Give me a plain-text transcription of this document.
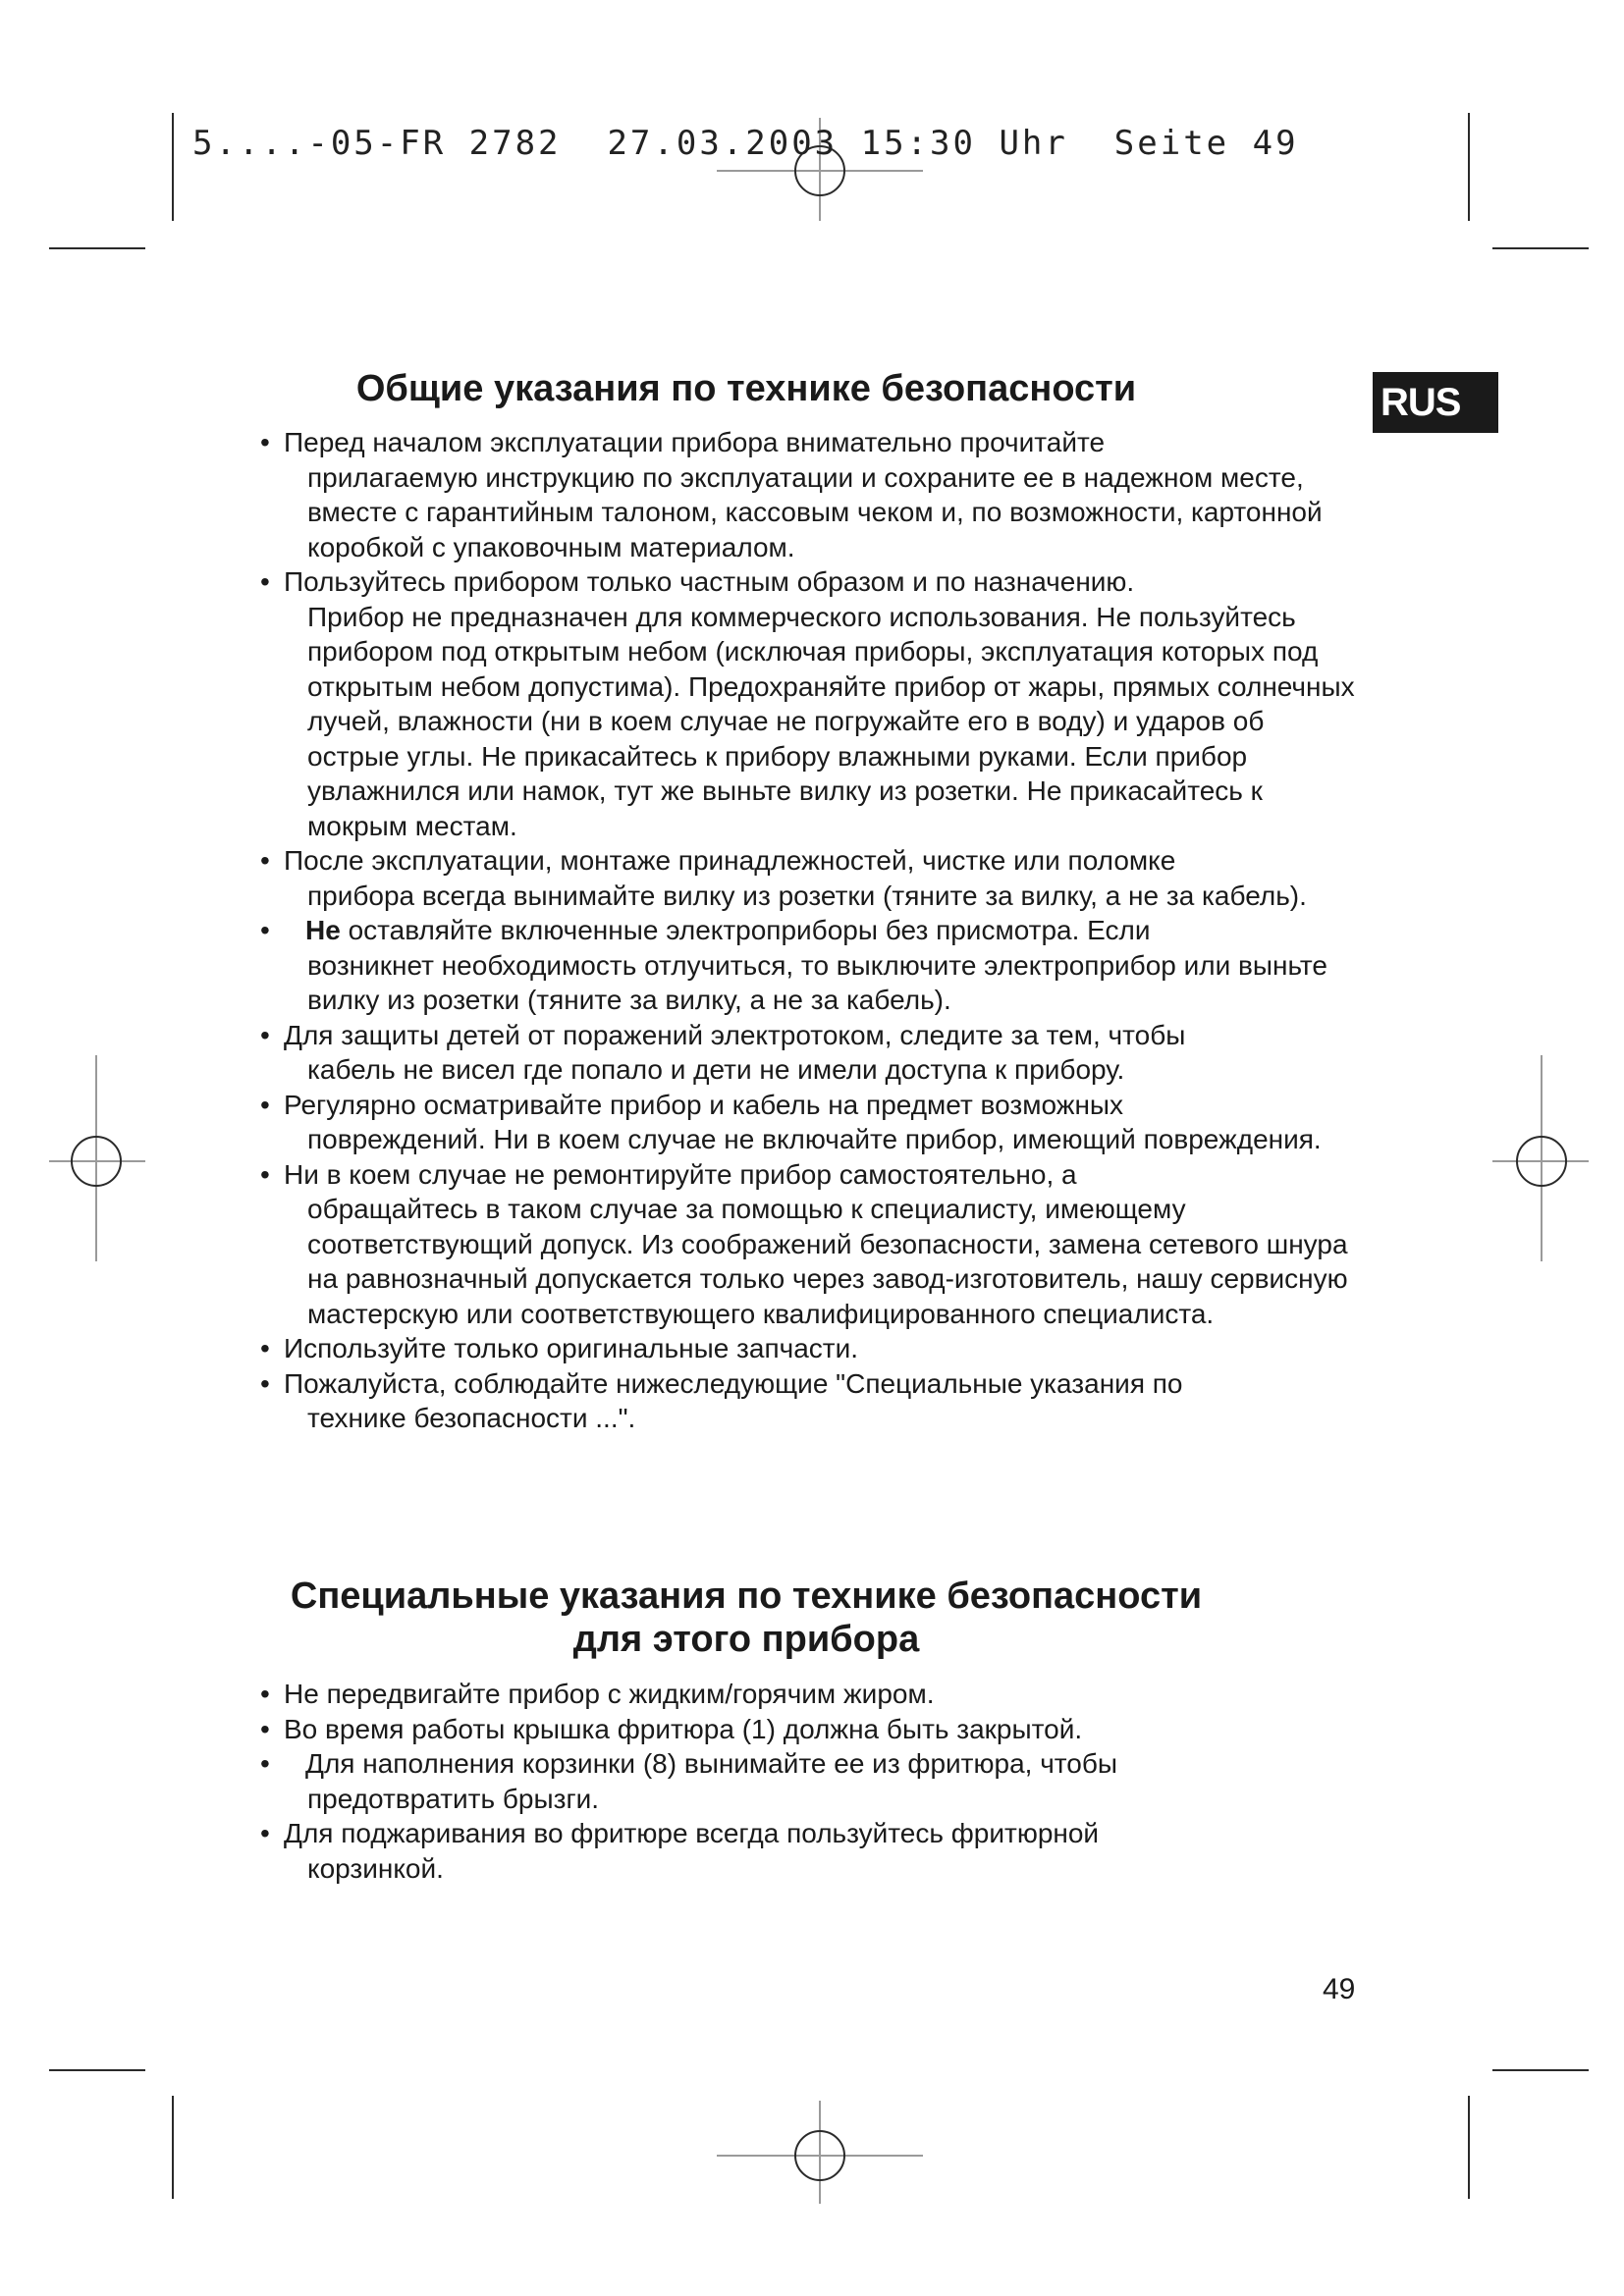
5....-05-FR 2782  27.03.2003 15:30 Uhr  Seite 49
RUS
Общие указания по технике безопасности
• Перед началом эксплуатации прибора внимательно прочитайте
прилагаемую инструкцию по эксплуатации и сохраните ее в надежном месте, вместе с гарантийным талоном, кассовым чеком и, по возможности, картонной коробкой с упаковочным материалом.
• Пользуйтесь прибором только частным образом и по назначению.
Прибор не предназначен для коммерческого использования. Не пользуйтесь прибором под открытым небом (исключая приборы, эксплуатация которых под открытым небом допустима). Предохраняйте прибор от жары, прямых солнечных лучей, влажности (ни в коем случае не погружайте его в воду) и ударов об острые углы. Не прикасайтесь к прибору влажными руками. Если прибор увлажнился или намок, тут же выньте вилку из розетки. Не прикасайтесь к мокрым местам.
• После эксплуатации, монтаже принадлежностей, чистке или поломке
прибора всегда вынимайте вилку из розетки (тяните за вилку, а не за кабель).
• Не оставляйте включенные электроприборы без присмотра. Если
возникнет необходимость отлучиться, то выключите электроприбор или выньте вилку из розетки (тяните за вилку, а не за кабель).
• Для защиты детей от поражений электротоком, следите за тем, чтобы
кабель не висел где попало и дети не имели доступа к прибору.
• Регулярно осматривайте прибор и кабель на предмет возможных
повреждений. Ни в коем случае не включайте прибор, имеющий повреждения.
• Ни в коем случае не ремонтируйте прибор самостоятельно, а
обращайтесь в таком случае за помощью к специалисту, имеющему соответствующий допуск. Из соображений безопасности, замена сетевого шнура на равнозначный допускается только через завод-изготовитель, нашу сервисную мастерскую или соответствующего квалифицированного специалиста.
• Используйте только оригинальные запчасти.
• Пожалуйста, соблюдайте нижеследующие "Специальные указания по
технике безопасности ...".
Специальные указания по технике безопасности
для этого прибора
• Не передвигайте прибор с жидким/горячим жиром.
• Во время работы крышка фритюра (1) должна быть закрытой.
• Для наполнения корзинки (8) вынимайте ее из фритюра, чтобы
предотвратить брызги.
• Для поджаривания во фритюре всегда пользуйтесь фритюрной
корзинкой.
49
